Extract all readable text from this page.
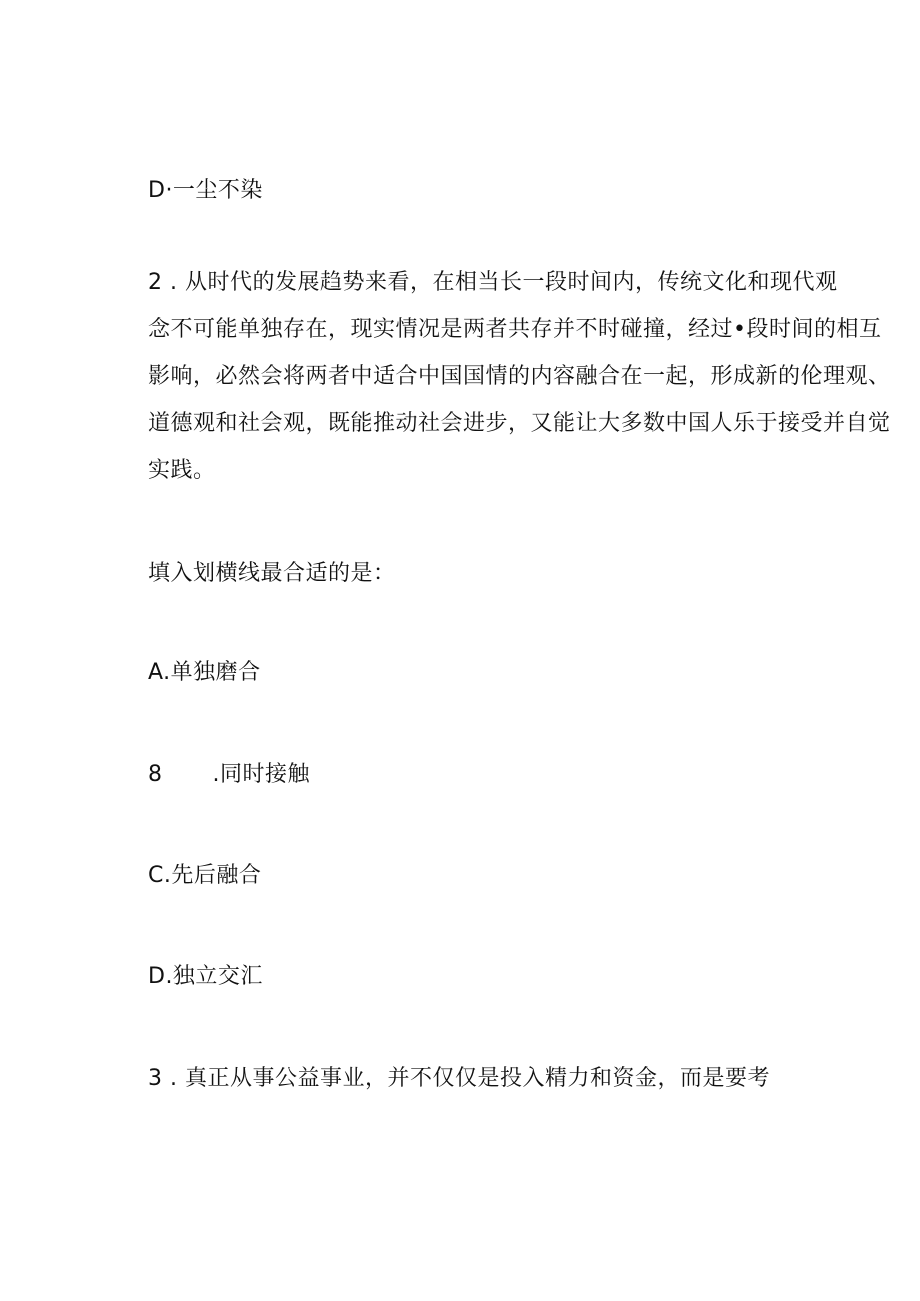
D·一尘不染
2 . 从时代的发展趋势来看，在相当长一段时间内，传统文化和现代观
念不可能单独存在，现实情况是两者共存并不时碰撞，经过•段时间的相互
影响，必然会将两者中适合中国国情的内容融合在一起，形成新的伦理观、
道德观和社会观，既能推动社会进步，又能让大多数中国人乐于接受并自觉
实践。
填入划横线最合适的是：
A.单独磨合
8 .同时接触
C.先后融合
D.独立交汇
3 . 真正从事公益事业，并不仅仅是投入精力和资金，而是要考
